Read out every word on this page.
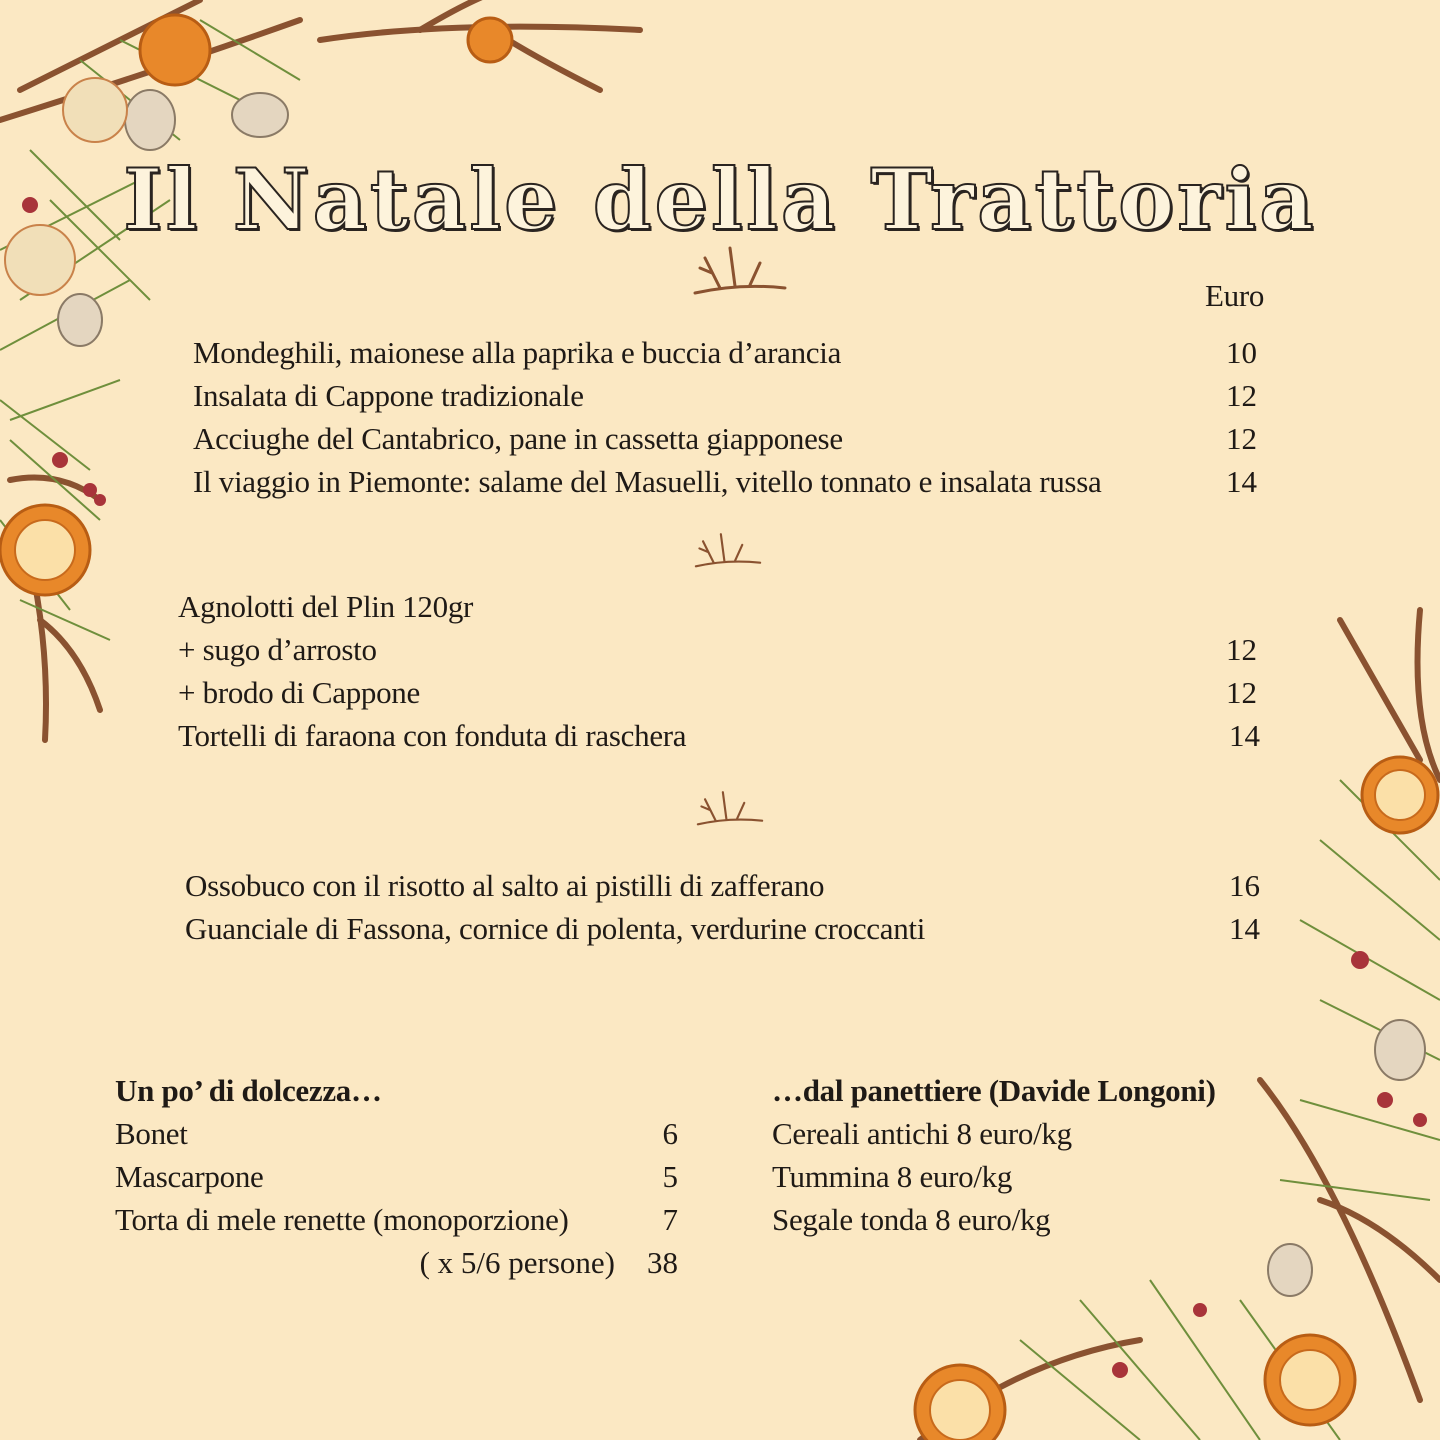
Il Natale della Trattoria
Euro
Mondeghili, maionese alla paprika e buccia d’arancia	10
Insalata di Cappone tradizionale	12
Acciughe del Cantabrico, pane in cassetta giapponese	12
Il viaggio in Piemonte: salame del Masuelli, vitello tonnato e insalata russa	14
Agnolotti del Plin 120gr
+ sugo d’arrosto	12
+ brodo di Cappone	12
Tortelli di faraona con fonduta di raschera	14
Ossobuco con il risotto al salto ai pistilli di zafferano	16
Guanciale di Fassona, cornice di polenta, verdurine croccanti	14
Un po’ di dolcezza…
Bonet	6
Mascarpone	5
Torta di mele renette (monoporzione)	7
( x 5/6 persone) 38
…dal panettiere (Davide Longoni)
Cereali antichi 8 euro/kg
Tummina 8 euro/kg
Segale tonda 8 euro/kg
